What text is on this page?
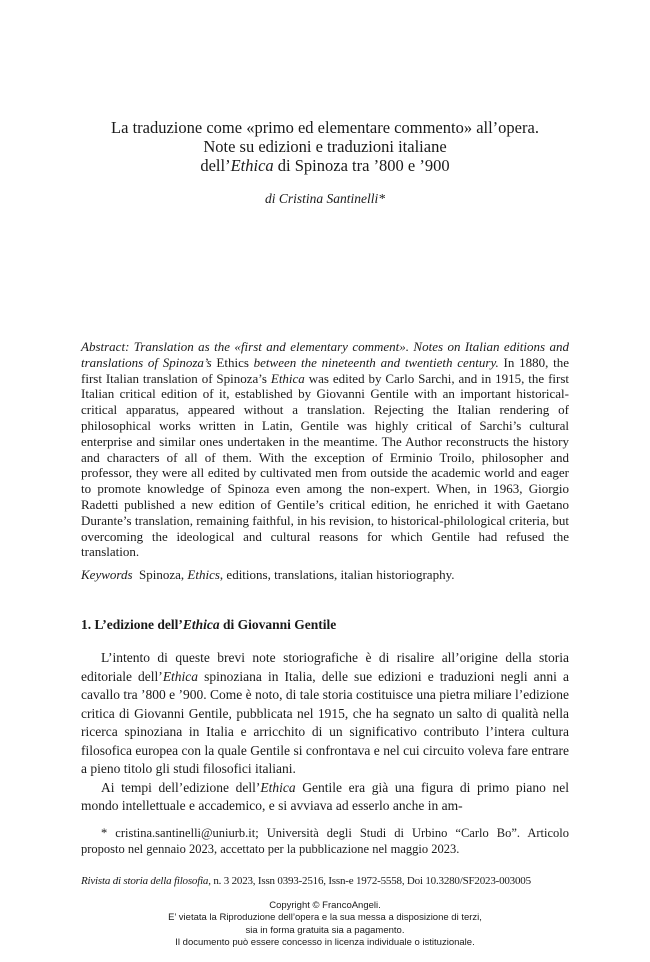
La traduzione come «primo ed elementare commento» all’opera.
Note su edizioni e traduzioni italiane
dell’Ethica di Spinoza tra ’800 e ’900
di Cristina Santinelli*
Abstract: Translation as the «first and elementary comment». Notes on Italian editions and translations of Spinoza’s Ethics between the nineteenth and twentieth century. In 1880, the first Italian translation of Spinoza’s Ethica was edited by Carlo Sarchi, and in 1915, the first Italian critical edition of it, established by Giovanni Gentile with an important historical-critical apparatus, appeared without a translation. Rejecting the Italian rendering of philosophical works written in Latin, Gentile was highly critical of Sarchi’s cultural enterprise and similar ones undertaken in the meantime. The Author reconstructs the history and characters of all of them. With the exception of Erminio Troilo, philosopher and professor, they were all edited by cultivated men from outside the academic world and eager to promote knowledge of Spinoza even among the non-expert. When, in 1963, Giorgio Radetti published a new edition of Gentile’s critical edition, he enriched it with Gaetano Durante’s translation, remaining faithful, in his revision, to historical-philological criteria, but overcoming the ideological and cultural reasons for which Gentile had refused the translation.
Keywords  Spinoza, Ethics, editions, translations, italian historiography.
1. L’edizione dell’Ethica di Giovanni Gentile

L’intento di queste brevi note storiografiche è di risalire all’origine della storia editoriale dell’Ethica spinoziana in Italia, delle sue edizioni e traduzioni negli anni a cavallo tra ’800 e ’900. Come è noto, di tale storia costituisce una pietra miliare l’edizione critica di Giovanni Gentile, pubblicata nel 1915, che ha segnato un salto di qualità nella ricerca spinoziana in Italia e arricchito di un significativo contributo l’intera cultura filosofica europea con la quale Gentile si confrontava e nel cui circuito voleva fare entrare a pieno titolo gli studi filosofici italiani.

Ai tempi dell’edizione dell’Ethica Gentile era già una figura di primo piano nel mondo intellettuale e accademico, e si avviava ad esserlo anche in am-

* cristina.santinelli@uniurb.it; Università degli Studi di Urbino “Carlo Bo”. Articolo proposto nel gennaio 2023, accettato per la pubblicazione nel maggio 2023.
Rivista di storia della filosofia, n. 3 2023, Issn 0393-2516, Issn-e 1972-5558, Doi 10.3280/SF2023-003005
Copyright © FrancoAngeli.
E’ vietata la Riproduzione dell’opera e la sua messa a disposizione di terzi,
sia in forma gratuita sia a pagamento.
Il documento può essere concesso in licenza individuale o istituzionale.
